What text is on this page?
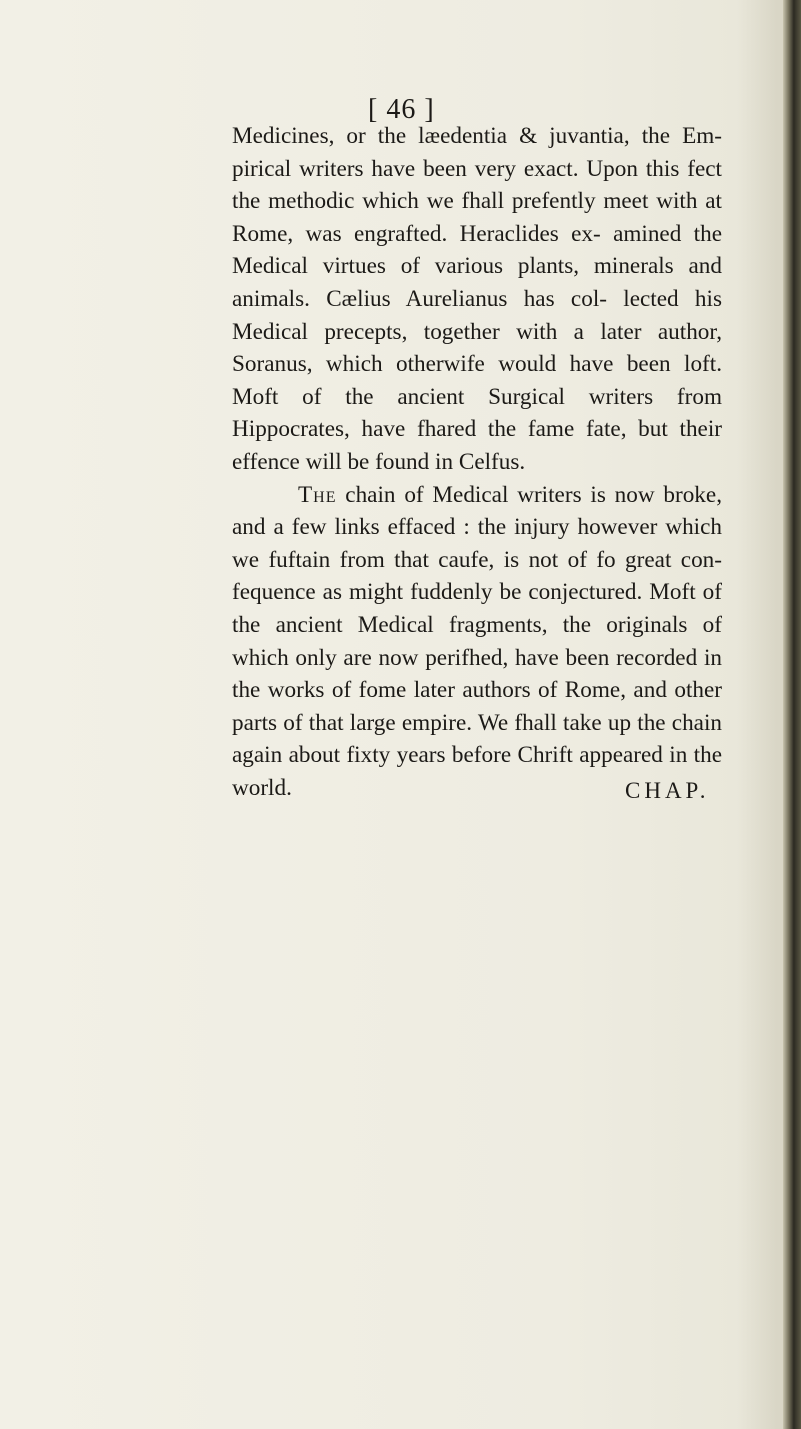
[ 46 ]

Medicines, or the læedentia & juvantia, the Em- pirical writers have been very exact. Upon this fect the methodic which we fhall prefently meet with at Rome, was engrafted. Heraclides ex- amined the Medical virtues of various plants, minerals and animals. Cælius Aurelianus has col- lected his Medical precepts, together with a later author, Soranus, which otherwife would have been loft. Moft of the ancient Surgical writers from Hippocrates, have fhared the fame fate, but their effence will be found in Celfus.

The chain of Medical writers is now broke, and a few links effaced : the injury however which we fuftain from that caufe, is not of fo great con- fequence as might fuddenly be conjectured. Moft of the ancient Medical fragments, the originals of which only are now perifhed, have been recorded in the works of fome later authors of Rome, and other parts of that large empire. We fhall take up the chain again about fixty years before Chrift appeared in the world.	CHAP.
